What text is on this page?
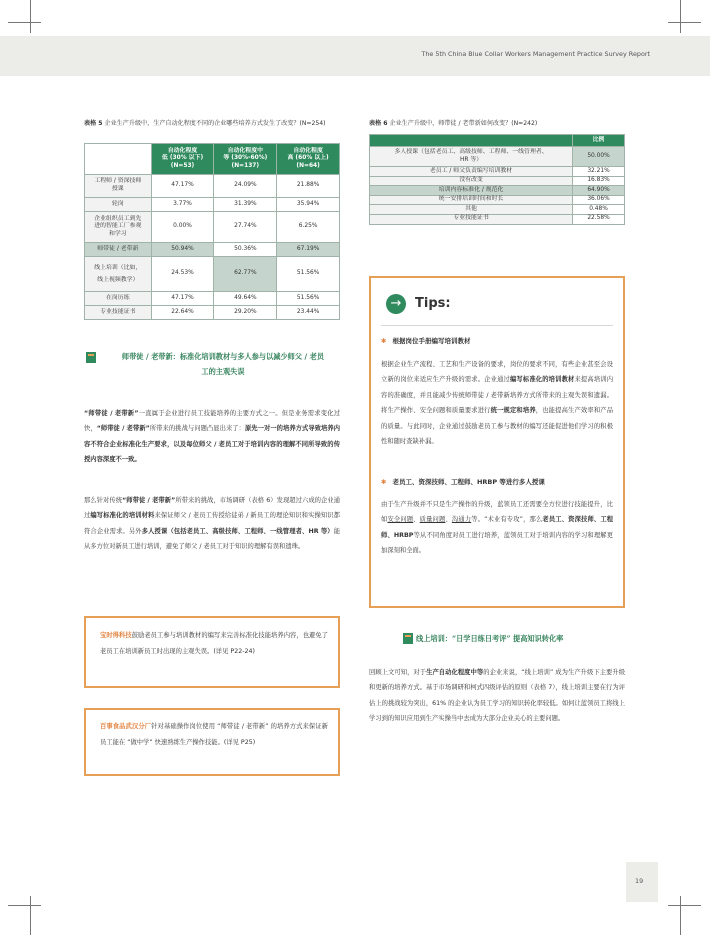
The 5th China Blue Collar Workers Management Practice Survey Report
表格 5 企业生产升级中，生产自动化程度不同的企业哪些培养方式发生了改变？(N=254)
	自动化程度
低 (30% 以下)
(N=53)	自动化程度中
等 (30%-60%)
(N=137)	自动化程度
高 (60% 以上)
(N=64)
工程师 / 资深技师
授课	47.17%	24.09%	21.88%
轮岗	3.77%	31.39%	35.94%
企业组织员工到先
进的智能工厂参观
和学习	0.00%	27.74%	6.25%
师带徒 / 老带新	50.94%	50.36%	67.19%
线上培训（比如，
线上视频教学）	24.53%	62.77%	51.56%
在岗历练	47.17%	49.64%	51.56%
专业技能证书	22.64%	29.20%	23.44%
表格 6 企业生产升级中，师带徒 / 老带新如何改变？(N=242)
	比例
多人授课（包括老员工、高级技师、工程师、一线管理者、
HR 等）	50.00%
老员工 / 师父负责编写培训教材	32.21%
没有改变	16.83%
培训内容标准化 / 规范化	64.90%
统一安排培训时间和时长	36.06%
其他	0.48%
专业技能证书	22.58%
师带徒 / 老带新：标准化培训教材与多人参与以减少师父 / 老员
工的主观失误
“师带徒 / 老带新”一直属于企业进行员工技能培养的主要方式之一。但是业务需求变化过快，“师带徒 / 老带新”所带来的挑战与问题凸显出来了：原先一对一的培养方式导致培养内容不符合企业标准化生产要求，以及每位师父 / 老员工对于培训内容的理解不同所导致的传授内容深度不一致。
那么针对传统“师带徒 / 老带新”所带来的挑战，市场调研（表格 6）发现超过六成的企业通过编写标准化的培训材料来保证师父 / 老员工传授给徒弟 / 新员工的理论知识和实操知识都符合企业需求。另外多人授课（包括老员工、高级技师、工程师、一线管理者、HR 等）能从多方位对新员工进行培训，避免了师父 / 老员工对于知识的理解有误和遗珠。
宝时得科技鼓励老员工参与培训教材的编写来完善标准化技能培养内容，也避免了老员工在培训新员工时出现的主观失误。(详见 P22-24)
百事食品武汉分厂针对基础操作岗位使用 “师带徒 / 老带新” 的培养方式来保证新员工能在 “做中学” 快速熟练生产操作技能。(详见 P25)
→	Tips:
✱ 根据岗位手册编写培训教材
根据企业生产流程、工艺和生产设备的要求，岗位的要求不同，有些企业甚至会设立新的岗位来适应生产升级的需求。企业通过编写标准化的培训教材来提高培训内容的准确度，并且能减少传统师带徒 / 老带新培养方式所带来的主观失误和遗漏。将生产操作、安全问题和质量要求进行统一规定和培养，也能提高生产效率和产品的质量。与此同时，企业通过鼓励老员工参与教材的编写还能促进他们学习的积极性和随时查缺补漏。
✱ 老员工、资深技师、工程师、HRBP 等进行多人授课
由于生产升级并不只是生产操作的升级，蓝领员工还需要全方位进行技能提升，比如安全问题、质量问题、沟通力等。“术业有专攻”，那么老员工、资深技师、工程师、HRBP等从不同角度对员工进行培养，蓝领员工对于培训内容的学习和理解更加深刻和全面。
线上培训：“日学日练日考评” 提高知识转化率
回顾上文可知，对于生产自动化程度中等的企业来说，“线上培训” 成为生产升级下主要升级和更新的培养方式。基于市场调研和柯式四级评估的原则（表格 7），线上培训主要在行为评估上的挑战较为突出，61% 的企业认为员工学习的知识转化率较低。如何让蓝领员工将线上学习到的知识应用到生产实操当中去成为大部分企业关心的主要问题。
19
